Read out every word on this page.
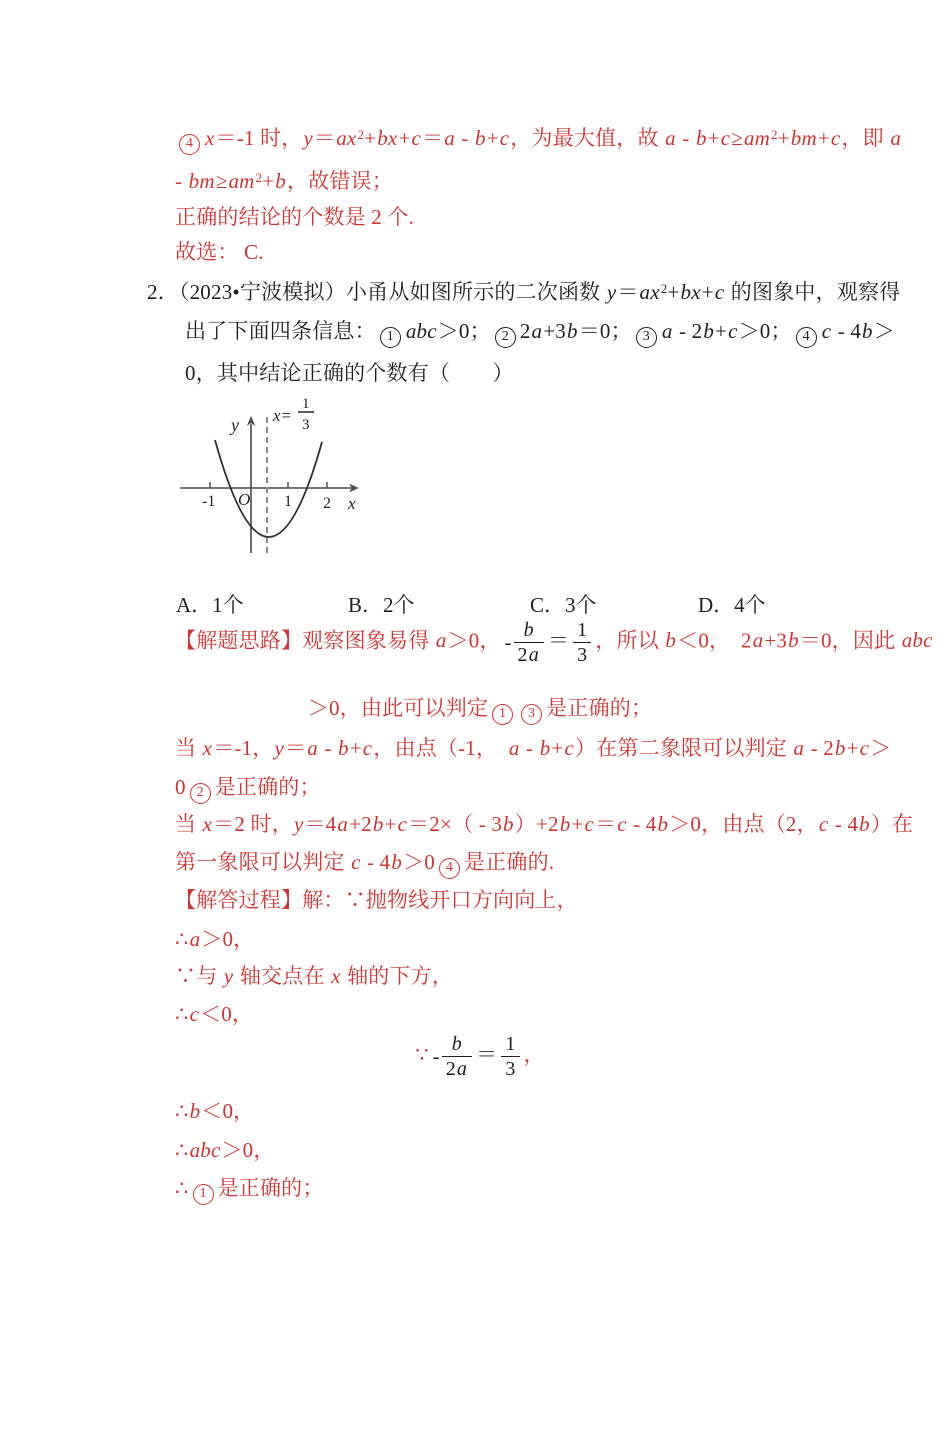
4 x＝-1 时，$y=ax^2+bx+c=a - b+c$，为最大值，故 $a - b+c\ge am^2+bm+c$，即 a
- $bm\ge am^2+b$，故错误；
正确的结论的个数是 2 个.
故选： C.
2．（2023•宁波模拟）小甬从如图所示的二次函数 $y=ax^2+bx+c$ 的图象中，观察得
出了下面四条信息： 1 abc＞0； 2 2a+3b＝0； 3 a - 2b+c＞0； 4 c - 4b＞
0，其中结论正确的个数有（　　）
-1 O 1 2 x
y x=
1
3
A．1个	B．2个	C．3个	D．4个
【解题思路】观察图象易得 a＞0， -
b
2a
＝ 1
3
，所以 b＜0，　2a+3b＝0，因此 abc
＞0，由此可以判定 1 3 是正确的；
当 x＝-1，y＝a - b+c，由点（-1，　a - b+c）在第二象限可以判定 a - 2b+c＞
0 2 是正确的；
当 x＝2 时，y＝4a+2b+c＝2×（ - 3b）+2b+c＝c - 4b＞0，由点（2，c - 4b）在
第一象限可以判定 c - 4b＞0 4 是正确的.
【解答过程】解：∵抛物线开口方向向上，
∴a＞0，
∵与 y 轴交点在 x 轴的下方，
∴c＜0，
∵ -
b
2a
＝ 1
3
，
∴b＜0，
∴abc＞0，
∴ 1 是正确的；
